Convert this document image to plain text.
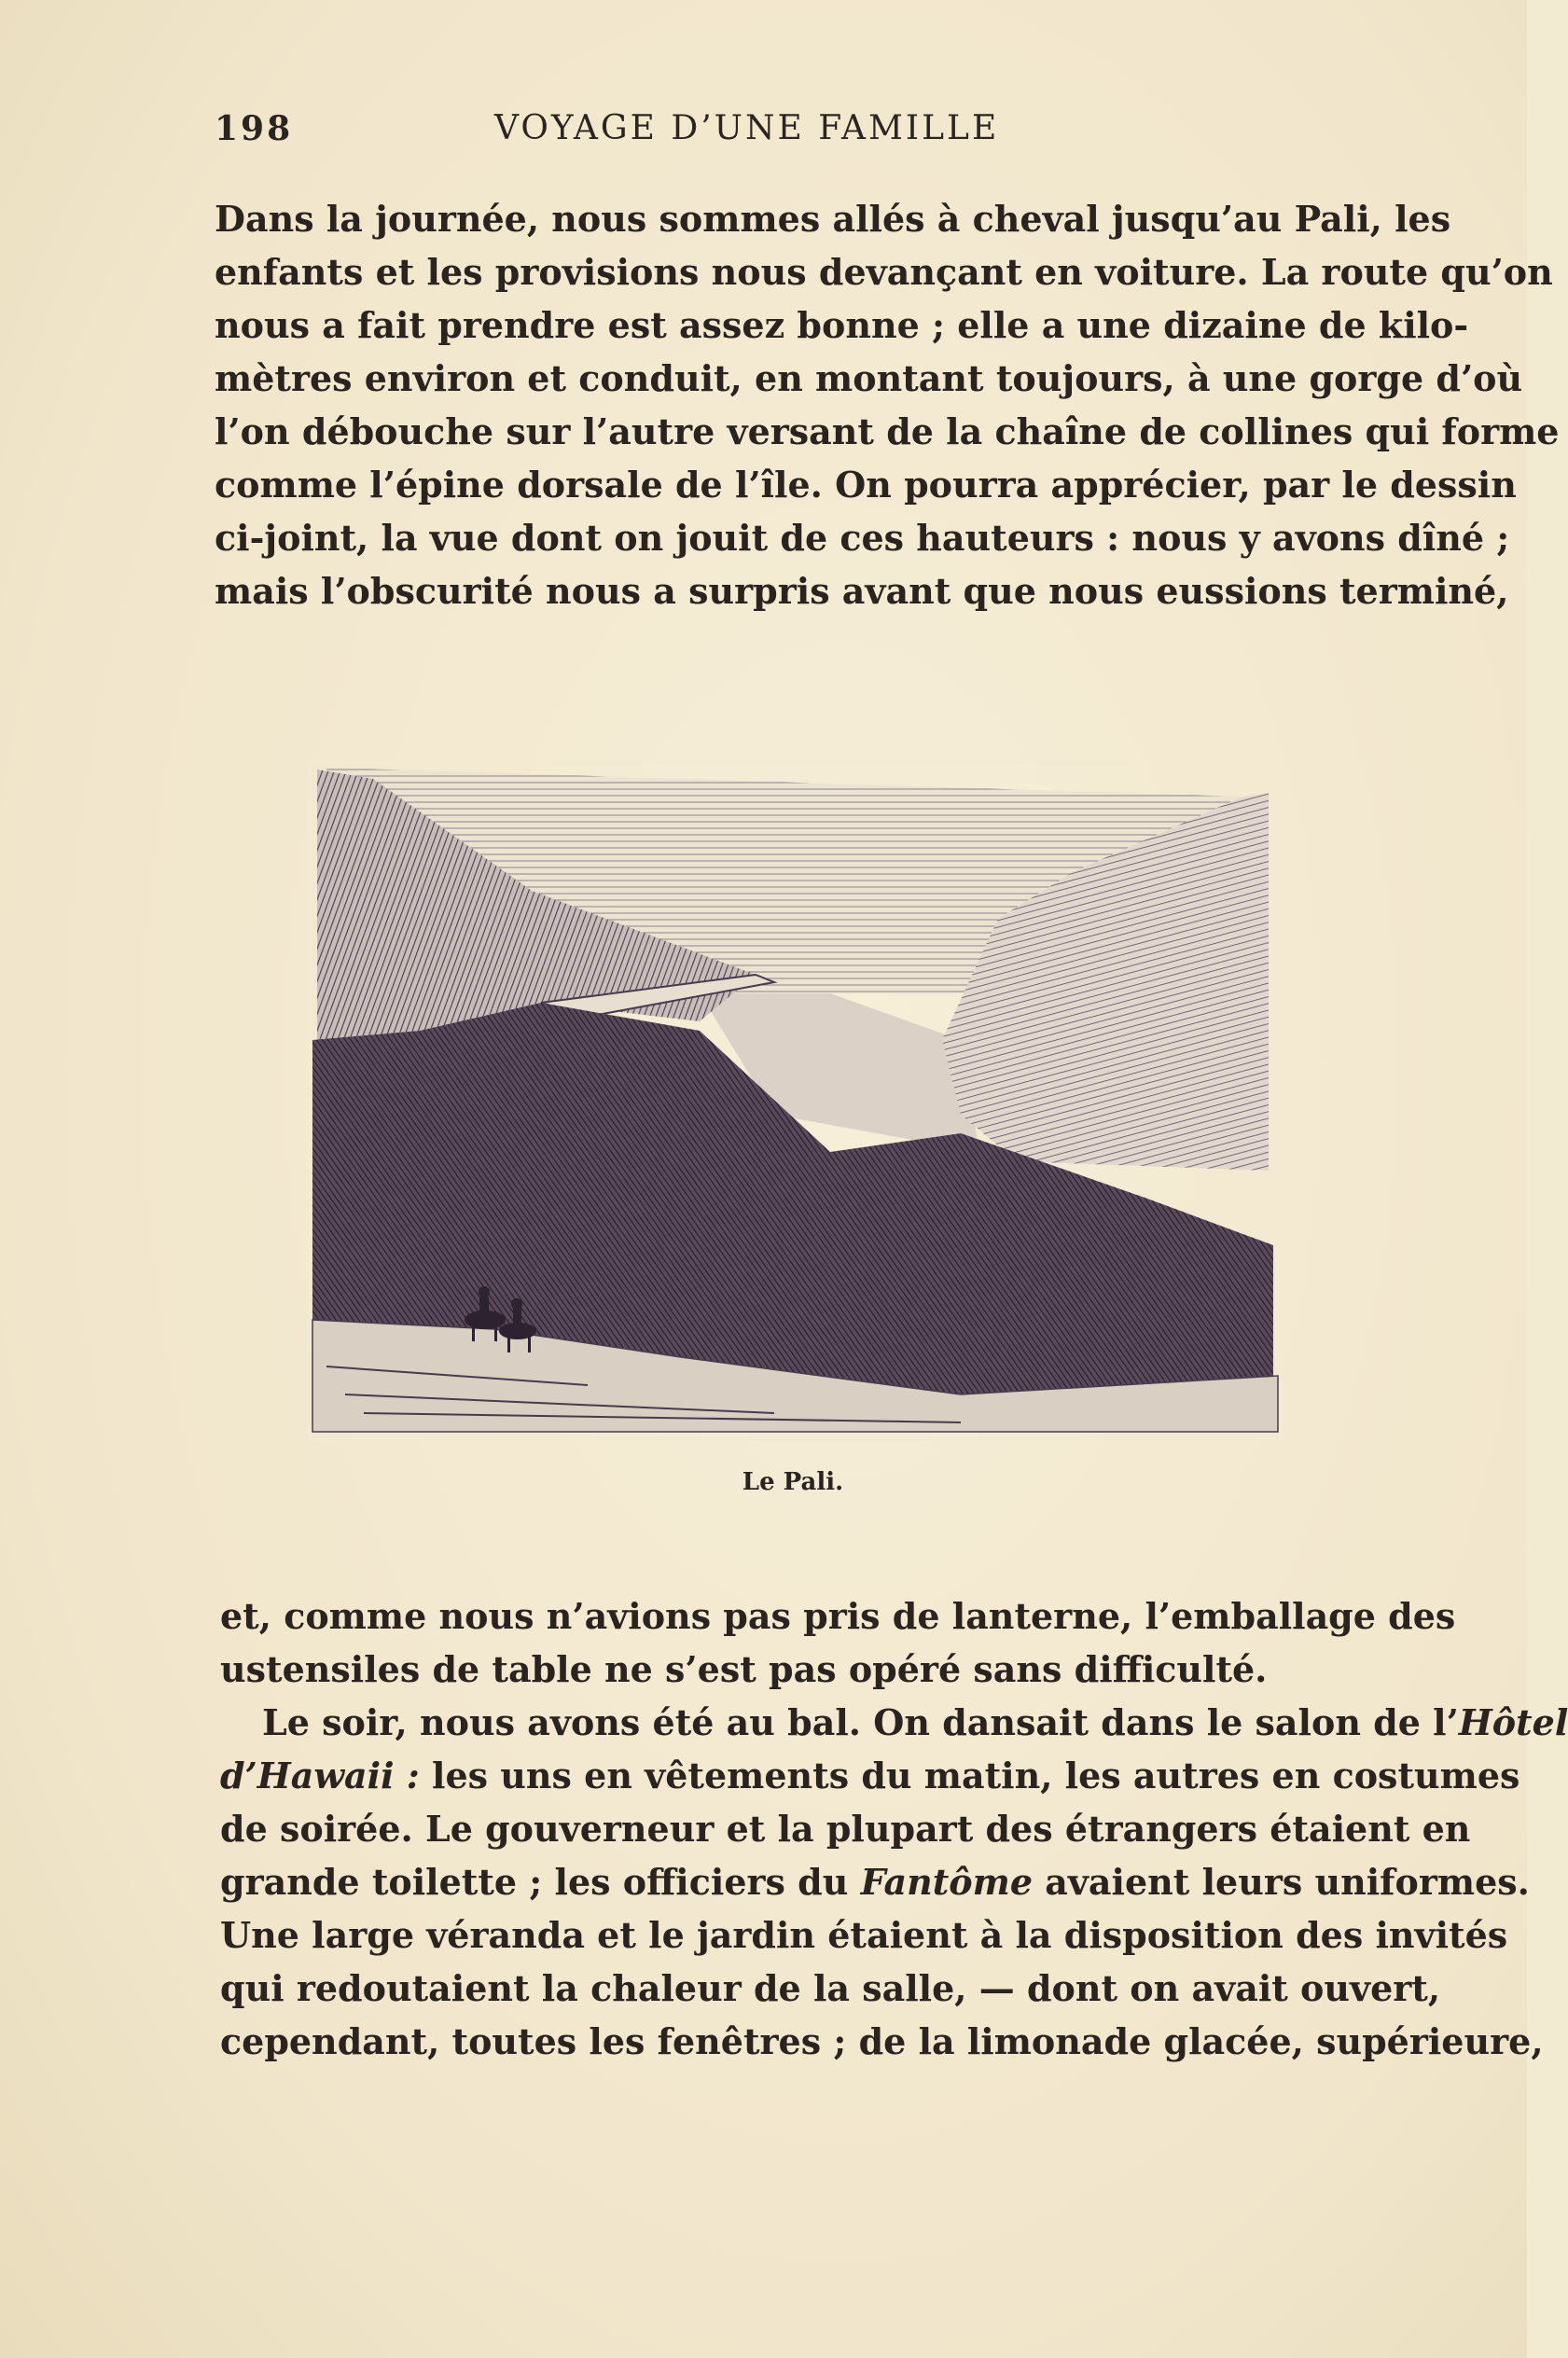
198	VOYAGE D’UNE FAMILLE
Dans la journée, nous sommes allés à cheval jusqu’au Pali, les
enfants et les provisions nous devançant en voiture. La route qu’on
nous a fait prendre est assez bonne ; elle a une dizaine de kilo-
mètres environ et conduit, en montant toujours, à une gorge d’où
l’on débouche sur l’autre versant de la chaîne de collines qui forme
comme l’épine dorsale de l’île. On pourra apprécier, par le dessin
ci-joint, la vue dont on jouit de ces hauteurs : nous y avons dîné ;
mais l’obscurité nous a surpris avant que nous eussions terminé,
Le Pali.
et, comme nous n’avions pas pris de lanterne, l’emballage des
ustensiles de table ne s’est pas opéré sans difficulté.
Le soir, nous avons été au bal. On dansait dans le salon de l’Hôtel
d’Hawaii : les uns en vêtements du matin, les autres en costumes
de soirée. Le gouverneur et la plupart des étrangers étaient en
grande toilette ; les officiers du Fantôme avaient leurs uniformes.
Une large véranda et le jardin étaient à la disposition des invités
qui redoutaient la chaleur de la salle, — dont on avait ouvert,
cependant, toutes les fenêtres ; de la limonade glacée, supérieure,
